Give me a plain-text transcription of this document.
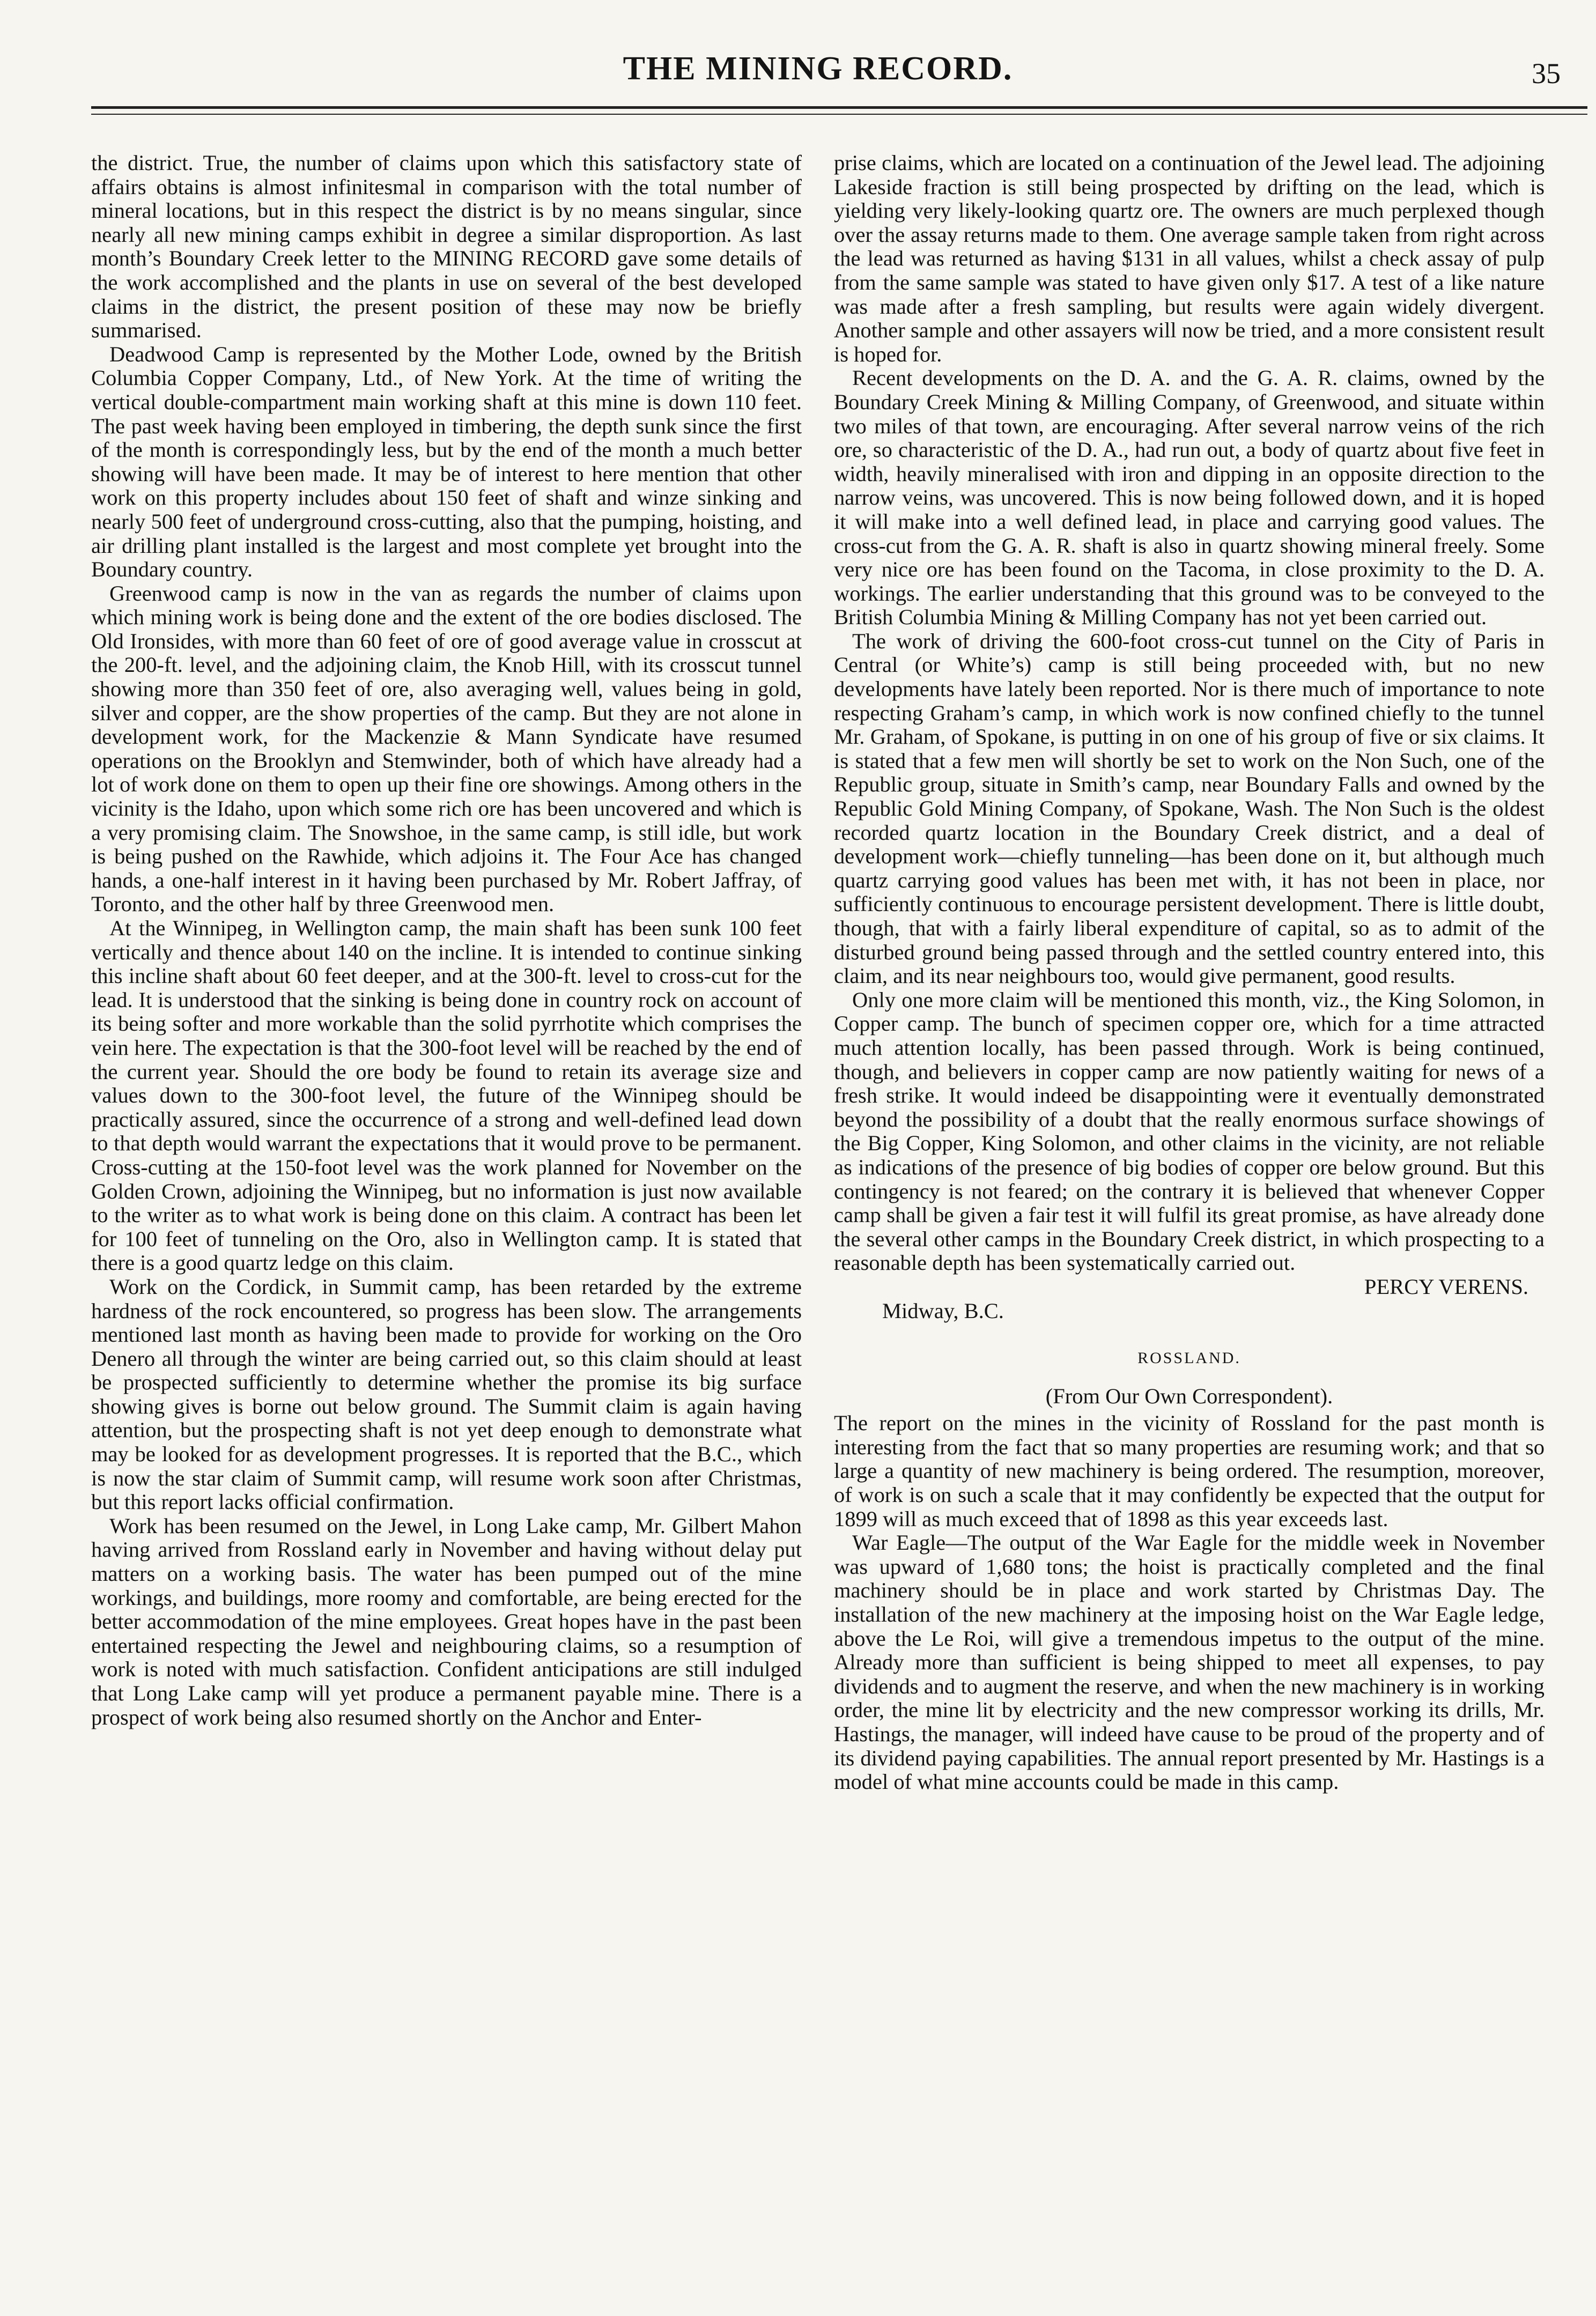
THE MINING RECORD.	35

the district. True, the number of claims upon which this satisfactory state of affairs obtains is almost infinitesmal in comparison with the total number of mineral locations, but in this respect the district is by no means singular, since nearly all new mining camps exhibit in degree a similar disproportion. As last month’s Boundary Creek letter to the MINING RECORD gave some details of the work accomplished and the plants in use on several of the best developed claims in the district, the present position of these may now be briefly summarised.

Deadwood Camp is represented by the Mother Lode, owned by the British Columbia Copper Company, Ltd., of New York. At the time of writing the vertical double-compartment main working shaft at this mine is down 110 feet. The past week having been employed in timbering, the depth sunk since the first of the month is correspondingly less, but by the end of the month a much better showing will have been made. It may be of interest to here mention that other work on this property includes about 150 feet of shaft and winze sinking and nearly 500 feet of underground cross-cutting, also that the pumping, hoisting, and air drilling plant installed is the largest and most complete yet brought into the Boundary country.

Greenwood camp is now in the van as regards the number of claims upon which mining work is being done and the extent of the ore bodies disclosed. The Old Ironsides, with more than 60 feet of ore of good average value in crosscut at the 200-ft. level, and the adjoining claim, the Knob Hill, with its crosscut tunnel showing more than 350 feet of ore, also averaging well, values being in gold, silver and copper, are the show properties of the camp. But they are not alone in development work, for the Mackenzie & Mann Syndicate have resumed operations on the Brooklyn and Stemwinder, both of which have already had a lot of work done on them to open up their fine ore showings. Among others in the vicinity is the Idaho, upon which some rich ore has been uncovered and which is a very promising claim. The Snowshoe, in the same camp, is still idle, but work is being pushed on the Rawhide, which adjoins it. The Four Ace has changed hands, a one-half interest in it having been purchased by Mr. Robert Jaffray, of Toronto, and the other half by three Greenwood men.

At the Winnipeg, in Wellington camp, the main shaft has been sunk 100 feet vertically and thence about 140 on the incline. It is intended to continue sinking this incline shaft about 60 feet deeper, and at the 300-ft. level to cross-cut for the lead. It is understood that the sinking is being done in country rock on account of its being softer and more workable than the solid pyrrhotite which comprises the vein here. The expectation is that the 300-foot level will be reached by the end of the current year. Should the ore body be found to retain its average size and values down to the 300-foot level, the future of the Winnipeg should be practically assured, since the occurrence of a strong and well-defined lead down to that depth would warrant the expectations that it would prove to be permanent. Cross-cutting at the 150-foot level was the work planned for November on the Golden Crown, adjoining the Winnipeg, but no information is just now available to the writer as to what work is being done on this claim. A contract has been let for 100 feet of tunneling on the Oro, also in Wellington camp. It is stated that there is a good quartz ledge on this claim.

Work on the Cordick, in Summit camp, has been retarded by the extreme hardness of the rock encountered, so progress has been slow. The arrangements mentioned last month as having been made to provide for working on the Oro Denero all through the winter are being carried out, so this claim should at least be prospected sufficiently to determine whether the promise its big surface showing gives is borne out below ground. The Summit claim is again having attention, but the prospecting shaft is not yet deep enough to demonstrate what may be looked for as development progresses. It is reported that the B.C., which is now the star claim of Summit camp, will resume work soon after Christmas, but this report lacks official confirmation.

Work has been resumed on the Jewel, in Long Lake camp, Mr. Gilbert Mahon having arrived from Rossland early in November and having without delay put matters on a working basis. The water has been pumped out of the mine workings, and buildings, more roomy and comfortable, are being erected for the better accommodation of the mine employees. Great hopes have in the past been entertained respecting the Jewel and neighbouring claims, so a resumption of work is noted with much satisfaction. Confident anticipations are still indulged that Long Lake camp will yet produce a permanent payable mine. There is a prospect of work being also resumed shortly on the Anchor and Enter-

prise claims, which are located on a continuation of the Jewel lead. The adjoining Lakeside fraction is still being prospected by drifting on the lead, which is yielding very likely-looking quartz ore. The owners are much perplexed though over the assay returns made to them. One average sample taken from right across the lead was returned as having $131 in all values, whilst a check assay of pulp from the same sample was stated to have given only $17. A test of a like nature was made after a fresh sampling, but results were again widely divergent. Another sample and other assayers will now be tried, and a more consistent result is hoped for.

Recent developments on the D. A. and the G. A. R. claims, owned by the Boundary Creek Mining & Milling Company, of Greenwood, and situate within two miles of that town, are encouraging. After several narrow veins of the rich ore, so characteristic of the D. A., had run out, a body of quartz about five feet in width, heavily mineralised with iron and dipping in an opposite direction to the narrow veins, was uncovered. This is now being followed down, and it is hoped it will make into a well defined lead, in place and carrying good values. The cross-cut from the G. A. R. shaft is also in quartz showing mineral freely. Some very nice ore has been found on the Tacoma, in close proximity to the D. A. workings. The earlier understanding that this ground was to be conveyed to the British Columbia Mining & Milling Company has not yet been carried out.

The work of driving the 600-foot cross-cut tunnel on the City of Paris in Central (or White’s) camp is still being proceeded with, but no new developments have lately been reported. Nor is there much of importance to note respecting Graham’s camp, in which work is now confined chiefly to the tunnel Mr. Graham, of Spokane, is putting in on one of his group of five or six claims. It is stated that a few men will shortly be set to work on the Non Such, one of the Republic group, situate in Smith’s camp, near Boundary Falls and owned by the Republic Gold Mining Company, of Spokane, Wash. The Non Such is the oldest recorded quartz location in the Boundary Creek district, and a deal of development work—chiefly tunneling—has been done on it, but although much quartz carrying good values has been met with, it has not been in place, nor sufficiently continuous to encourage persistent development. There is little doubt, though, that with a fairly liberal expenditure of capital, so as to admit of the disturbed ground being passed through and the settled country entered into, this claim, and its near neighbours too, would give permanent, good results.

Only one more claim will be mentioned this month, viz., the King Solomon, in Copper camp. The bunch of specimen copper ore, which for a time attracted much attention locally, has been passed through. Work is being continued, though, and believers in copper camp are now patiently waiting for news of a fresh strike. It would indeed be disappointing were it eventually demonstrated beyond the possibility of a doubt that the really enormous surface showings of the Big Copper, King Solomon, and other claims in the vicinity, are not reliable as indications of the presence of big bodies of copper ore below ground. But this contingency is not feared; on the contrary it is believed that whenever Copper camp shall be given a fair test it will fulfil its great promise, as have already done the several other camps in the Boundary Creek district, in which prospecting to a reasonable depth has been systematically carried out.

PERCY VERENS.

Midway, B.C.

ROSSLAND.
(From Our Own Correspondent).

The report on the mines in the vicinity of Rossland for the past month is interesting from the fact that so many properties are resuming work; and that so large a quantity of new machinery is being ordered. The resumption, moreover, of work is on such a scale that it may confidently be expected that the output for 1899 will as much exceed that of 1898 as this year exceeds last.

War Eagle—The output of the War Eagle for the middle week in November was upward of 1,680 tons; the hoist is practically completed and the final machinery should be in place and work started by Christmas Day. The installation of the new machinery at the imposing hoist on the War Eagle ledge, above the Le Roi, will give a tremendous impetus to the output of the mine. Already more than sufficient is being shipped to meet all expenses, to pay dividends and to augment the reserve, and when the new machinery is in working order, the mine lit by electricity and the new compressor working its drills, Mr. Hastings, the manager, will indeed have cause to be proud of the property and of its dividend paying capabilities. The annual report presented by Mr. Hastings is a model of what mine accounts could be made in this camp.
